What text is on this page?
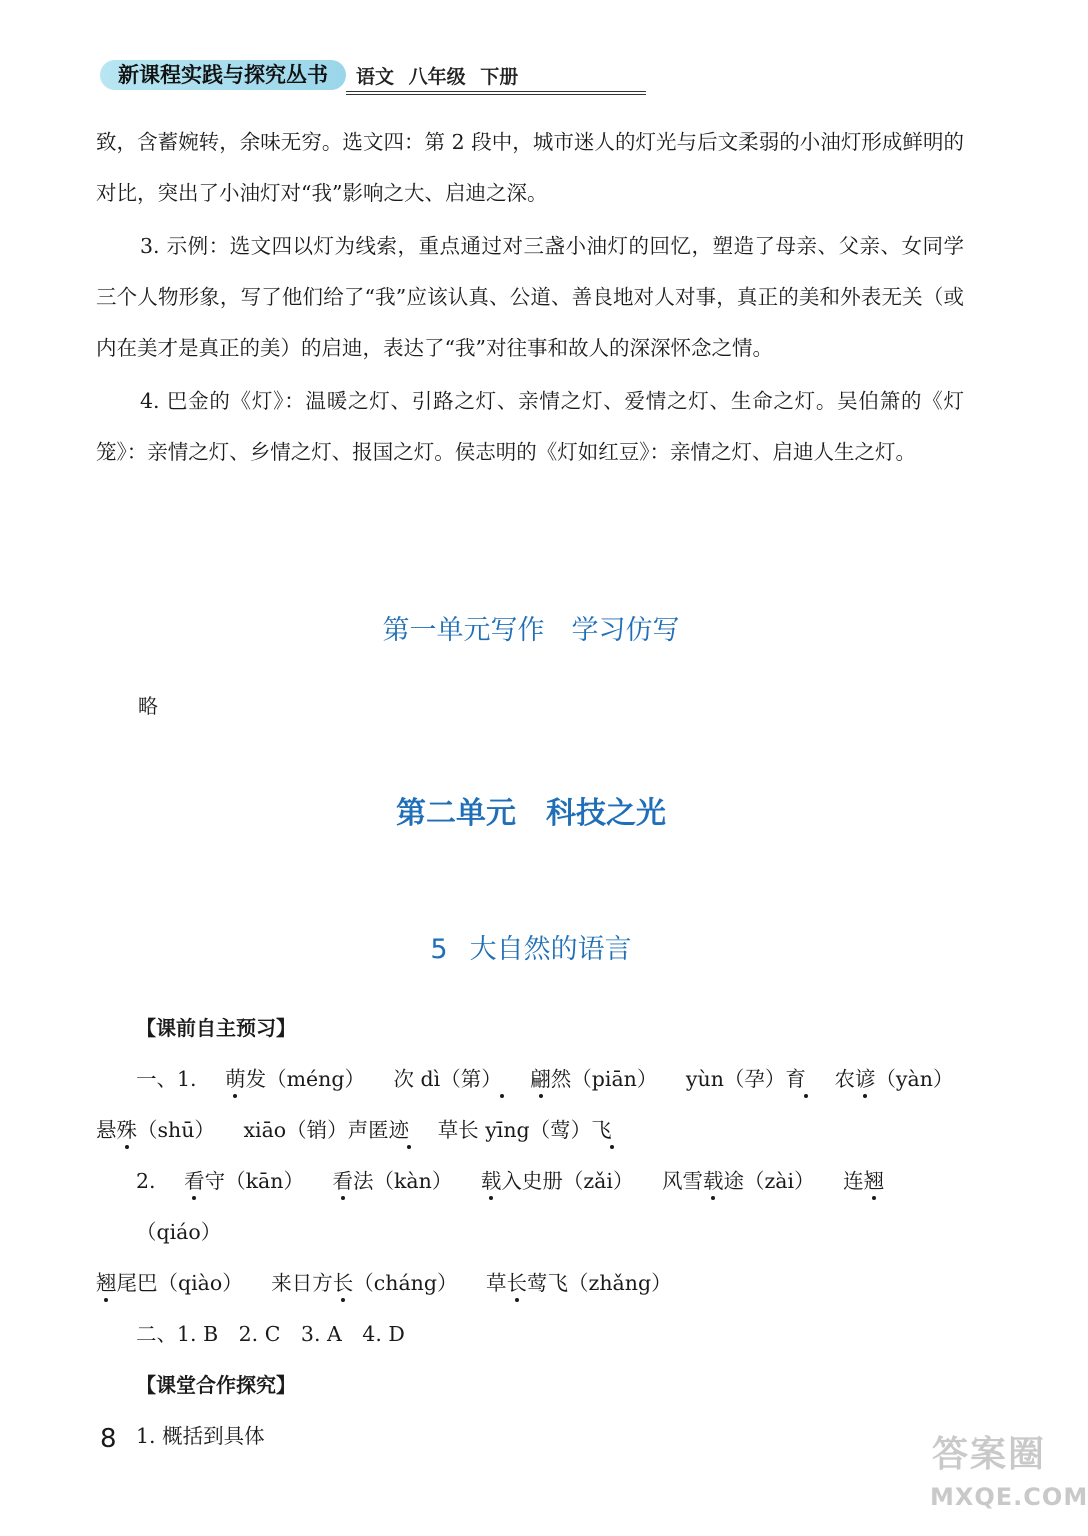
新课程实践与探究丛书	语文 八年级 下册

致，含蓄婉转，余味无穷。选文四：第 2 段中，城市迷人的灯光与后文柔弱的小油灯形成鲜明的对比，突出了小油灯对“我”影响之大、启迪之深。

3. 示例：选文四以灯为线索，重点通过对三盏小油灯的回忆，塑造了母亲、父亲、女同学三个人物形象，写了他们给了“我”应该认真、公道、善良地对人对事，真正的美和外表无关（或内在美才是真正的美）的启迪，表达了“我”对往事和故人的深深怀念之情。

4. 巴金的《灯》：温暖之灯、引路之灯、亲情之灯、爱情之灯、生命之灯。吴伯箫的《灯笼》：亲情之灯、乡情之灯、报国之灯。侯志明的《灯如红豆》：亲情之灯、启迪人生之灯。

第一单元写作　学习仿写
略
第二单元　科技之光
5 大自然的语言
【课前自主预习】
一、1. 萌发（méng） 次 dì（第） 翩然（piān） yùn（孕）育 农谚（yàn）
悬殊（shū） xiāo（销）声匿迹 草长 yīng（莺）飞
2. 看守（kān） 看法（kàn） 载入史册（zǎi） 风雪载途（zài） 连翘（qiáo）
翘尾巴（qiào） 来日方长（cháng） 草长莺飞（zhǎng）
二、1. B　2. C　3. A　4. D
【课堂合作探究】
1. 概括到具体
8	答案圈
MXQE.COM
